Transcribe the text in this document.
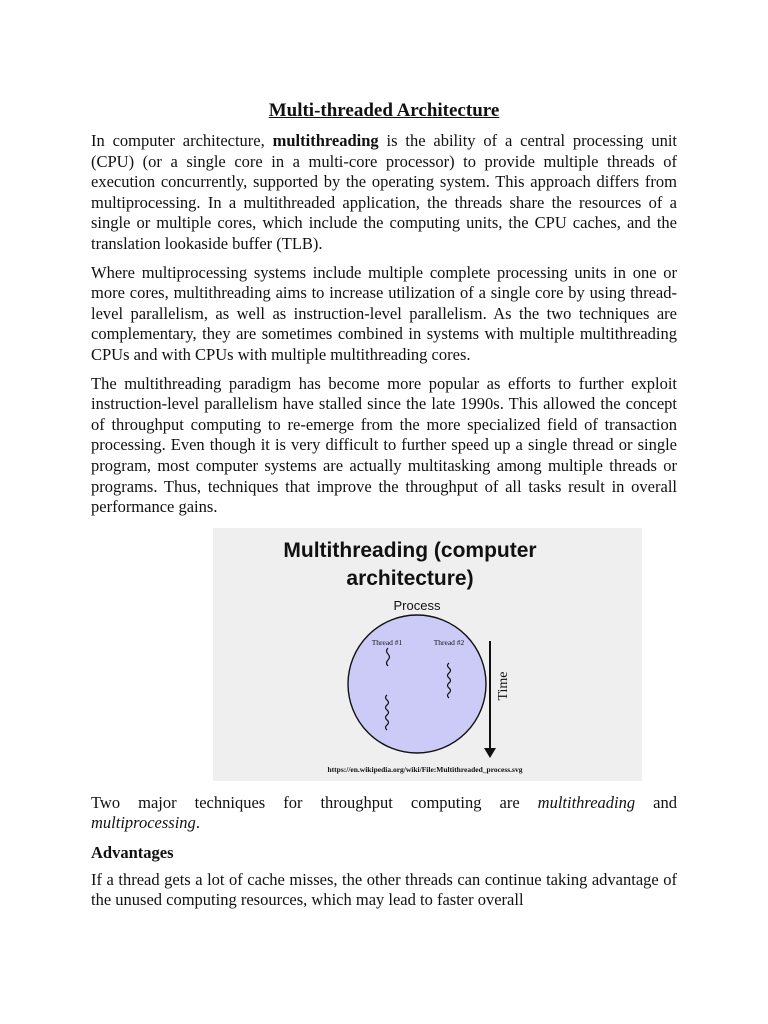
Multi-threaded Architecture

In computer architecture, multithreading is the ability of a central processing unit (CPU) (or a single core in a multi-core processor) to provide multiple threads of execution concurrently, supported by the operating system. This approach differs from multiprocessing. In a multithreaded application, the threads share the resources of a single or multiple cores, which include the computing units, the CPU caches, and the translation lookaside buffer (TLB).

Where multiprocessing systems include multiple complete processing units in one or more cores, multithreading aims to increase utilization of a single core by using thread-level parallelism, as well as instruction-level parallelism. As the two techniques are complementary, they are sometimes combined in systems with multiple multithreading CPUs and with CPUs with multiple multithreading cores.

The multithreading paradigm has become more popular as efforts to further exploit instruction-level parallelism have stalled since the late 1990s. This allowed the concept of throughput computing to re-emerge from the more specialized field of transaction processing. Even though it is very difficult to further speed up a single thread or single program, most computer systems are actually multitasking among multiple threads or programs. Thus, techniques that improve the throughput of all tasks result in overall performance gains.

Multithreading (computer
architecture)
Process
Thread #1	Thread #2
Time
https://en.wikipedia.org/wiki/File:Multithreaded_process.svg

Two major techniques for throughput computing are multithreading and multiprocessing.

Advantages

If a thread gets a lot of cache misses, the other threads can continue taking advantage of the unused computing resources, which may lead to faster overall
